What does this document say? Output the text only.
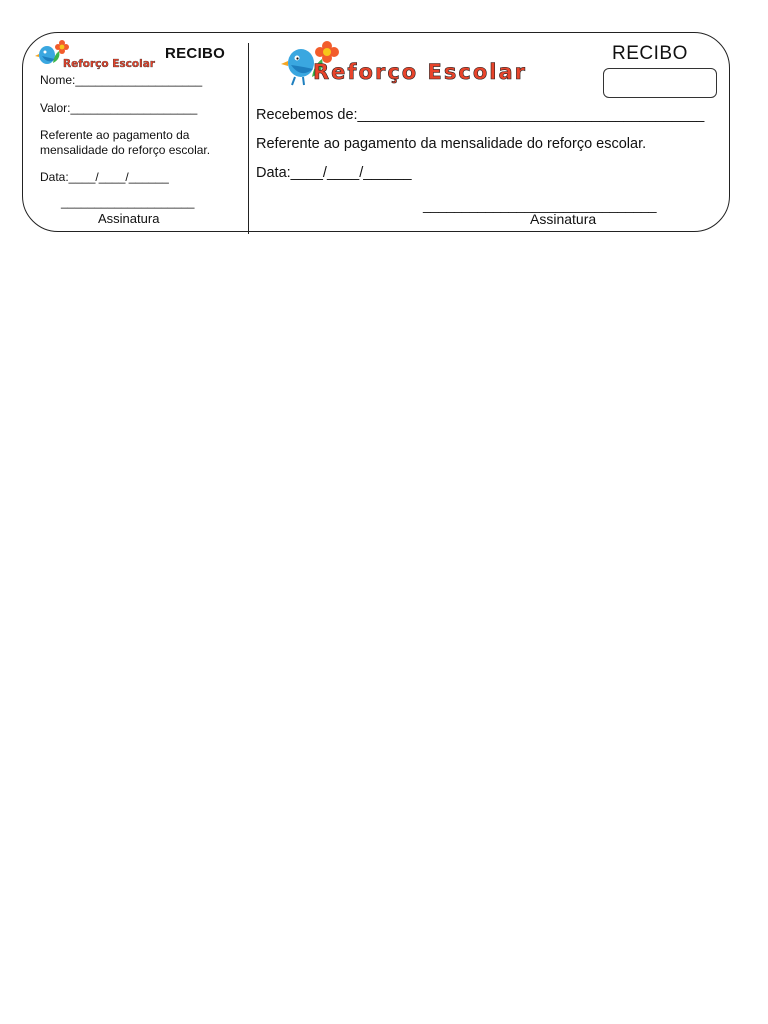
Reforço Escolar
RECIBO
Nome:___________________
Valor:___________________
Referente ao pagamento da mensalidade do reforço escolar.
Data:____/____/______
____________________
Assinatura
Reforço Escolar
RECIBO
Recebemos de:___________________________________________
Referente ao pagamento da mensalidade do reforço escolar.
Data:____/____/______
______________________________
Assinatura
